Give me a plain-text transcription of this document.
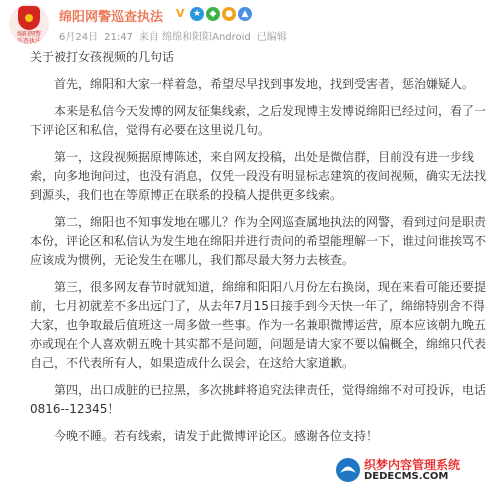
绵阳网警
巡查执法
绵阳网警巡查执法 V ★ ◆ ● ▲
6月24日 21:47 来自 绵绵和阳阳Android 已编辑

关于被打女孩视频的几句话

首先，绵阳和大家一样着急，希望尽早找到事发地，找到受害者，惩治嫌疑人。

本来是私信今天发博的网友征集线索，之后发现博主发博说绵阳已经过问，看了一下评论区和私信，觉得有必要在这里说几句。

第一，这段视频据原博陈述，来自网友投稿，出处是微信群，目前没有进一步线索，向多地询问过，也没有消息，仅凭一段没有明显标志建筑的夜间视频，确实无法找到源头，我们也在等原博正在联系的投稿人提供更多线索。

第二，绵阳也不知事发地在哪儿？作为全网巡查属地执法的网警，看到过问是职责本份，评论区和私信认为发生地在绵阳并进行责问的希望能理解一下，谁过问谁挨骂不应该成为惯例，无论发生在哪儿，我们都尽最大努力去核查。

第三，很多网友春节时就知道，绵绵和阳阳八月份左右换岗，现在来看可能还要提前，七月初就差不多出远门了，从去年7月15日接手到今天快一年了，绵绵特别舍不得大家，也争取最后值班这一周多做一些事。作为一名兼职微博运营，原本应该朝九晚五亦或现在个人喜欢朝五晚十其实都不是问题，问题是请大家不要以偏概全，绵绵只代表自己，不代表所有人，如果造成什么误会，在这给大家道歉。

第四，出口成脏的已拉黑，多次挑衅将追究法律责任，觉得绵绵不对可投诉，电话0816--12345！

今晚不睡。若有线索，请发于此微博评论区。感谢各位支持！

织梦内容管理系统
DEDECMS.COM
